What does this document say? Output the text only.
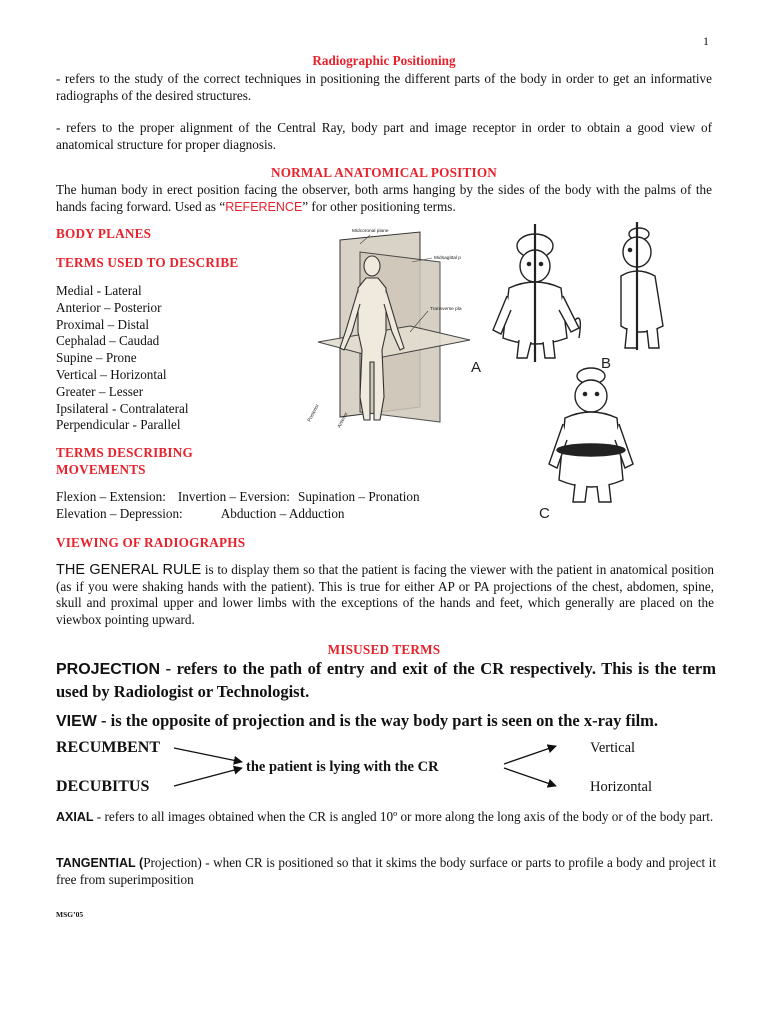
1
Radiographic Positioning
- refers to the study of the correct techniques in positioning the different parts of the body in order to get an informative radiographs of the desired structures.
- refers to the proper alignment of the Central Ray, body part and image receptor in order to obtain a good view of anatomical structure for proper diagnosis.
NORMAL ANATOMICAL POSITION
The human body in erect position facing the observer, both arms hanging by the sides of the body with the palms of the hands facing forward. Used as “REFERENCE” for other positioning terms.
BODY PLANES
TERMS USED TO DESCRIBE
Medial - Lateral
Anterior – Posterior
Proximal – Distal
Cephalad – Caudad
Supine – Prone
Vertical – Horizontal
Greater – Lesser
Ipsilateral - Contralateral
Perpendicular - Parallel
Midcoronal plane
Midsagittal p
Transverse pla
Posterior	Anterior
A	B
C
TERMS DESCRIBING
MOVEMENTS
Flexion – Extension: Invertion – Eversion: Supination – Pronation
Elevation – Depression:	Abduction – Adduction
VIEWING OF RADIOGRAPHS
THE GENERAL RULE is to display them so that the patient is facing the viewer with the patient in anatomical position (as if you were shaking hands with the patient). This is true for either AP or PA projections of the chest, abdomen, spine, skull and proximal upper and lower limbs with the exceptions of the hands and feet, which generally are placed on the viewbox pointing upward.
MISUSED TERMS
PROJECTION - refers to the path of entry and exit of the CR respectively. This is the term used by Radiologist or Technologist.
VIEW - is the opposite of projection and is the way body part is seen on the x-ray film.
RECUMBENT
DECUBITUS
the patient is lying with the CR
Vertical
Horizontal
AXIAL - refers to all images obtained when the CR is angled 10º or more along the long axis of the body or of the body part.
TANGENTIAL (Projection) - when CR is positioned so that it skims the body surface or parts to profile a body and project it free from superimposition
MSG’05
